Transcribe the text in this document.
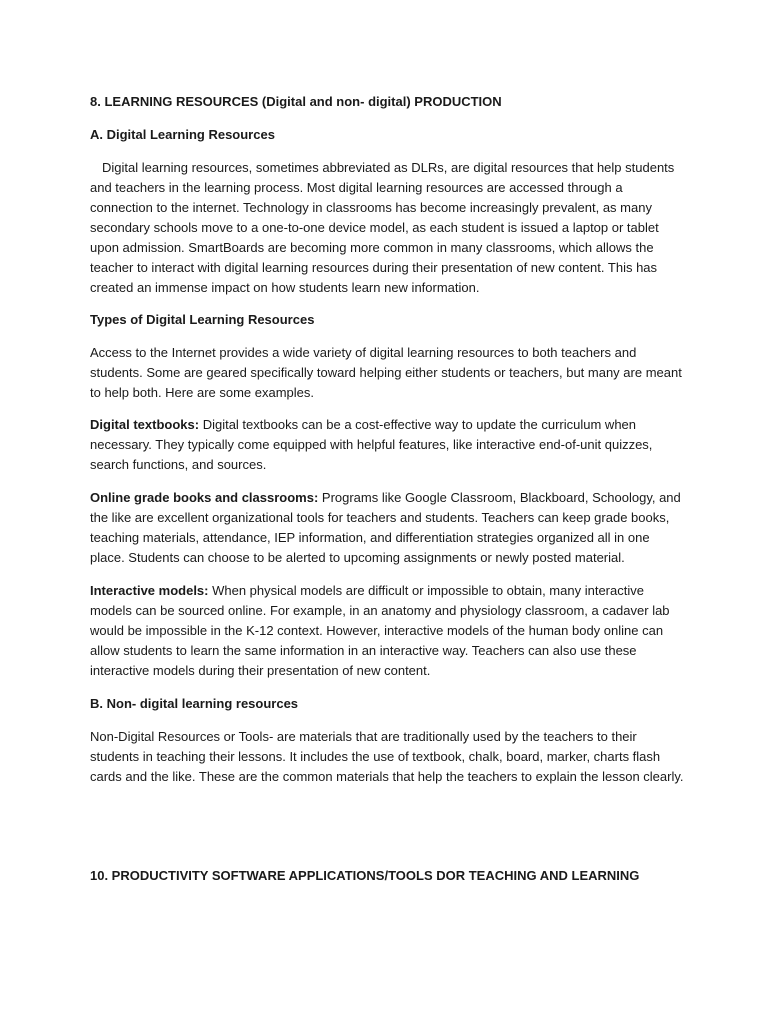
8. LEARNING RESOURCES (Digital and non- digital) PRODUCTION

A. Digital Learning Resources

Digital learning resources, sometimes abbreviated as DLRs, are digital resources that help students and teachers in the learning process. Most digital learning resources are accessed through a connection to the internet. Technology in classrooms has become increasingly prevalent, as many secondary schools move to a one-to-one device model, as each student is issued a laptop or tablet upon admission. SmartBoards are becoming more common in many classrooms, which allows the teacher to interact with digital learning resources during their presentation of new content. This has created an immense impact on how students learn new information.

Types of Digital Learning Resources

Access to the Internet provides a wide variety of digital learning resources to both teachers and students. Some are geared specifically toward helping either students or teachers, but many are meant to help both. Here are some examples.

Digital textbooks: Digital textbooks can be a cost-effective way to update the curriculum when necessary. They typically come equipped with helpful features, like interactive end-of-unit quizzes, search functions, and sources.

Online grade books and classrooms: Programs like Google Classroom, Blackboard, Schoology, and the like are excellent organizational tools for teachers and students. Teachers can keep grade books, teaching materials, attendance, IEP information, and differentiation strategies organized all in one place. Students can choose to be alerted to upcoming assignments or newly posted material.

Interactive models: When physical models are difficult or impossible to obtain, many interactive models can be sourced online. For example, in an anatomy and physiology classroom, a cadaver lab would be impossible in the K-12 context. However, interactive models of the human body online can allow students to learn the same information in an interactive way. Teachers can also use these interactive models during their presentation of new content.

B. Non- digital learning resources

Non-Digital Resources or Tools- are materials that are traditionally used by the teachers to their students in teaching their lessons. It includes the use of textbook, chalk, board, marker, charts flash cards and the like. These are the common materials that help the teachers to explain the lesson clearly.

10. PRODUCTIVITY SOFTWARE APPLICATIONS/TOOLS DOR TEACHING AND LEARNING
